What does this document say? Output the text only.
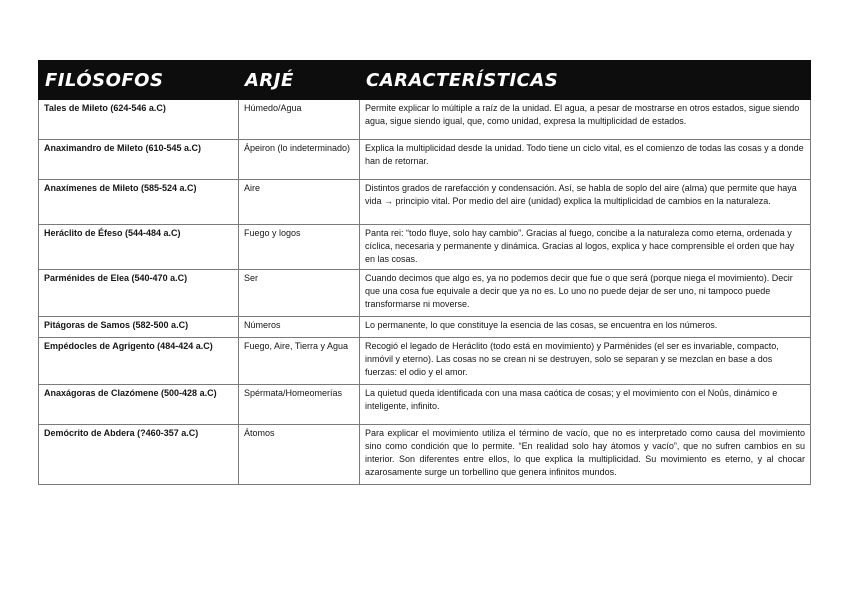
FILÓSOFOS	ARJÉ	CARACTERÍSTICAS
Tales de Mileto (624-546 a.C)	Húmedo/Agua	Permite explicar lo múltiple a raíz de la unidad. El agua, a pesar de mostrarse en otros estados, sigue siendo agua, sigue siendo igual, que, como unidad, expresa la multiplicidad de estados.
Anaximandro de Mileto (610-545 a.C)	Ápeiron (lo indeterminado)	Explica la multiplicidad desde la unidad. Todo tiene un ciclo vital, es el comienzo de todas las cosas y a donde han de retornar.
Anaxímenes de Mileto (585-524 a.C)	Aire	Distintos grados de rarefacción y condensación. Así, se habla de soplo del aire (alma) que permite que haya vida → principio vital. Por medio del aire (unidad) explica la multiplicidad de cambios en la naturaleza.
Heráclito de Éfeso (544-484 a.C)	Fuego y logos	Panta rei: “todo fluye, solo hay cambio”. Gracias al fuego, concibe a la naturaleza como eterna, ordenada y cíclica, necesaria y permanente y dinámica. Gracias al logos, explica y hace comprensible el orden que hay en las cosas.
Parménides de Elea (540-470 a.C)	Ser	Cuando decimos que algo es, ya no podemos decir que fue o que será (porque niega el movimiento). Decir que una cosa fue equivale a decir que ya no es. Lo uno no puede dejar de ser uno, ni tampoco puede transformarse ni moverse.
Pitágoras de Samos (582-500 a.C)	Números	Lo permanente, lo que constituye la esencia de las cosas, se encuentra en los números.
Empédocles de Agrigento (484-424 a.C)	Fuego, Aire, Tierra y Agua	Recogió el legado de Heráclito (todo está en movimiento) y Parménides (el ser es invariable, compacto, inmóvil y eterno). Las cosas no se crean ni se destruyen, solo se separan y se mezclan en base a dos fuerzas: el odio y el amor.
Anaxágoras de Clazómene (500-428 a.C)	Spérmata/Homeomerías	La quietud queda identificada con una masa caótica de cosas; y el movimiento con el Noûs, dinámico e inteligente, infinito.
Demócrito de Abdera (?460-357 a.C)	Átomos	Para explicar el movimiento utiliza el término de vacío, que no es interpretado como causa del movimiento sino como condición que lo permite. “En realidad solo hay átomos y vacío”, que no sufren cambios en su interior. Son diferentes entre ellos, lo que explica la multiplicidad. Su movimiento es eterno, y al chocar azarosamente surge un torbellino que genera infinitos mundos.
